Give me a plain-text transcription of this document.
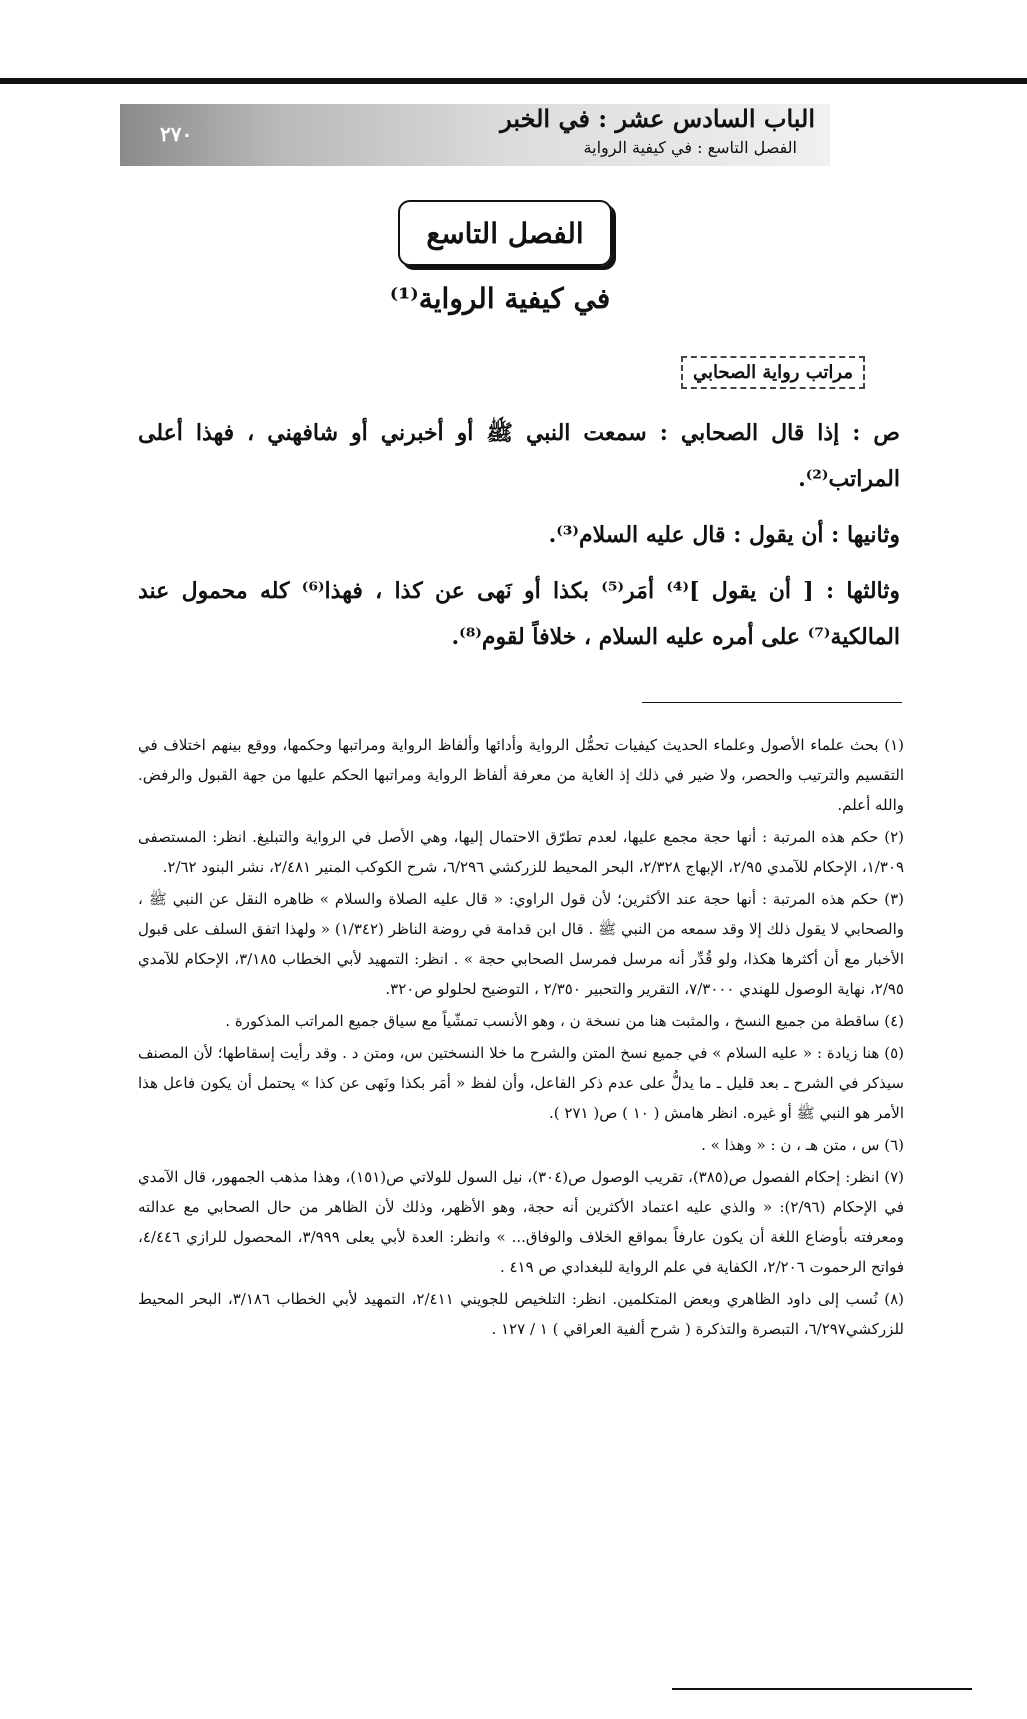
٢٧٠
الباب السادس عشر : في الخبر
الفصل التاسع : في كيفية الرواية
الفصل التاسع
في كيفية الرواية⁽¹⁾
مراتب رواية الصحابي

ص : إذا قال الصحابي : سمعت النبي ﷺ أو أخبرني أو شافهني ، فهذا أعلى المراتب⁽²⁾.

وثانيها : أن يقول : قال عليه السلام⁽³⁾.

وثالثها : [ أن يقول ]⁽⁴⁾ أمَر⁽⁵⁾ بكذا أو نَهى عن كذا ، فهذا⁽⁶⁾ كله محمول عند المالكية⁽⁷⁾ على أمره عليه السلام ، خلافاً لقوم⁽⁸⁾.

(١) بحث علماء الأصول وعلماء الحديث كيفيات تحمُّل الرواية وأدائها وألفاظ الرواية ومراتبها وحكمها، ووقع بينهم اختلاف في التقسيم والترتيب والحصر، ولا ضير في ذلك إذ الغاية من معرفة ألفاظ الرواية ومراتبها الحكم عليها من جهة القبول والرفض. والله أعلم.
(٢) حكم هذه المرتبة : أنها حجة مجمع عليها، لعدم تطرّق الاحتمال إليها، وهي الأصل في الرواية والتبليغ. انظر: المستصفى ١/٣٠٩، الإحكام للآمدي ٢/٩٥، الإبهاج ٢/٣٢٨، البحر المحيط للزركشي ٦/٢٩٦، شرح الكوكب المنير ٢/٤٨١، نشر البنود ٢/٦٢.
(٣) حكم هذه المرتبة : أنها حجة عند الأكثرين؛ لأن قول الراوي: « قال عليه الصلاة والسلام » ظاهره النقل عن النبي ﷺ ، والصحابي لا يقول ذلك إلا وقد سمعه من النبي ﷺ . قال ابن قدامة في روضة الناظر (١/٣٤٢) « ولهذا اتفق السلف على قبول الأخبار مع أن أكثرها هكذا، ولو قُدِّر أنه مرسل فمرسل الصحابي حجة » . انظر: التمهيد لأبي الخطاب ٣/١٨٥، الإحكام للآمدي ٢/٩٥، نهاية الوصول للهندي ٧/٣٠٠٠، التقرير والتحبير ٢/٣٥٠ ، التوضيح لحلولو ص٣٢٠.
(٤) ساقطة من جميع النسخ ، والمثبت هنا من نسخة ن ، وهو الأنسب تمشّياً مع سياق جميع المراتب المذكورة .
(٥) هنا زيادة : « عليه السلام » في جميع نسخ المتن والشرح ما خلا النسختين س، ومتن د . وقد رأيت إسقاطها؛ لأن المصنف سيذكر في الشرح ـ بعد قليل ـ ما يدلُّ على عدم ذكر الفاعل، وأن لفظ « أمَر بكذا ونَهى عن كذا » يحتمل أن يكون فاعل هذا الأمر هو النبي ﷺ أو غيره. انظر هامش ( ١٠ ) ص( ٢٧١ ).
(٦) س ، متن هـ ، ن : « وهذا » .
(٧) انظر: إحكام الفصول ص(٣٨٥)، تقريب الوصول ص(٣٠٤)، نيل السول للولاتي ص(١٥١)، وهذا مذهب الجمهور، قال الآمدي في الإحكام (٢/٩٦): « والذي عليه اعتماد الأكثرين أنه حجة، وهو الأظهر، وذلك لأن الظاهر من حال الصحابي مع عدالته ومعرفته بأوضاع اللغة أن يكون عارفاً بمواقع الخلاف والوفاق... » وانظر: العدة لأبي يعلى ٣/٩٩٩، المحصول للرازي ٤/٤٤٦، فواتح الرحموت ٢/٢٠٦، الكفاية في علم الرواية للبغدادي ص ٤١٩ .
(٨) نُسب إلى داود الظاهري وبعض المتكلمين. انظر: التلخيص للجويني ٢/٤١١، التمهيد لأبي الخطاب ٣/١٨٦، البحر المحيط للزركشي٦/٢٩٧، التبصرة والتذكرة ( شرح ألفية العراقي ) ١ / ١٢٧ .
